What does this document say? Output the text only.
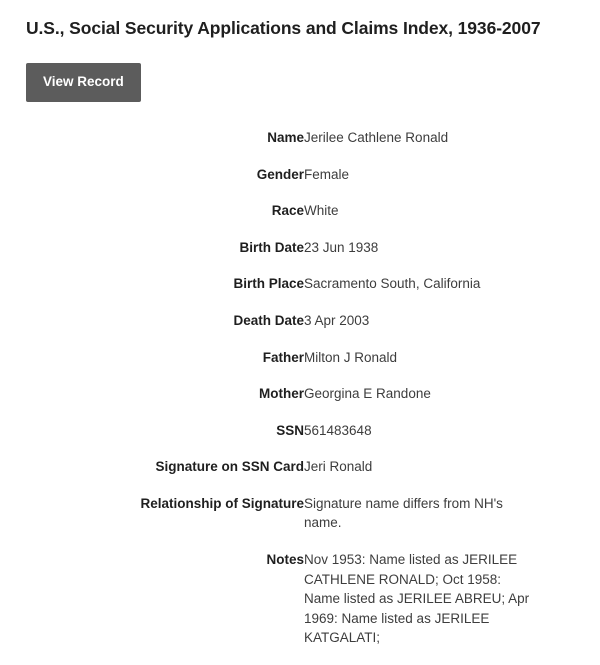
U.S., Social Security Applications and Claims Index, 1936-2007
View Record
Name	Jerilee Cathlene Ronald

Gender	Female

Race	White

Birth Date	23 Jun 1938

Birth Place	Sacramento South, California

Death Date	3 Apr 2003

Father	Milton J Ronald

Mother	Georgina E Randone

SSN	561483648

Signature on SSN Card	Jeri Ronald

Relationship of Signature	Signature name differs from NH's name.

Notes	Nov 1953: Name listed as JERILEE CATHLENE RONALD; Oct 1958: Name listed as JERILEE ABREU; Apr 1969: Name listed as JERILEE KATGALATI;
